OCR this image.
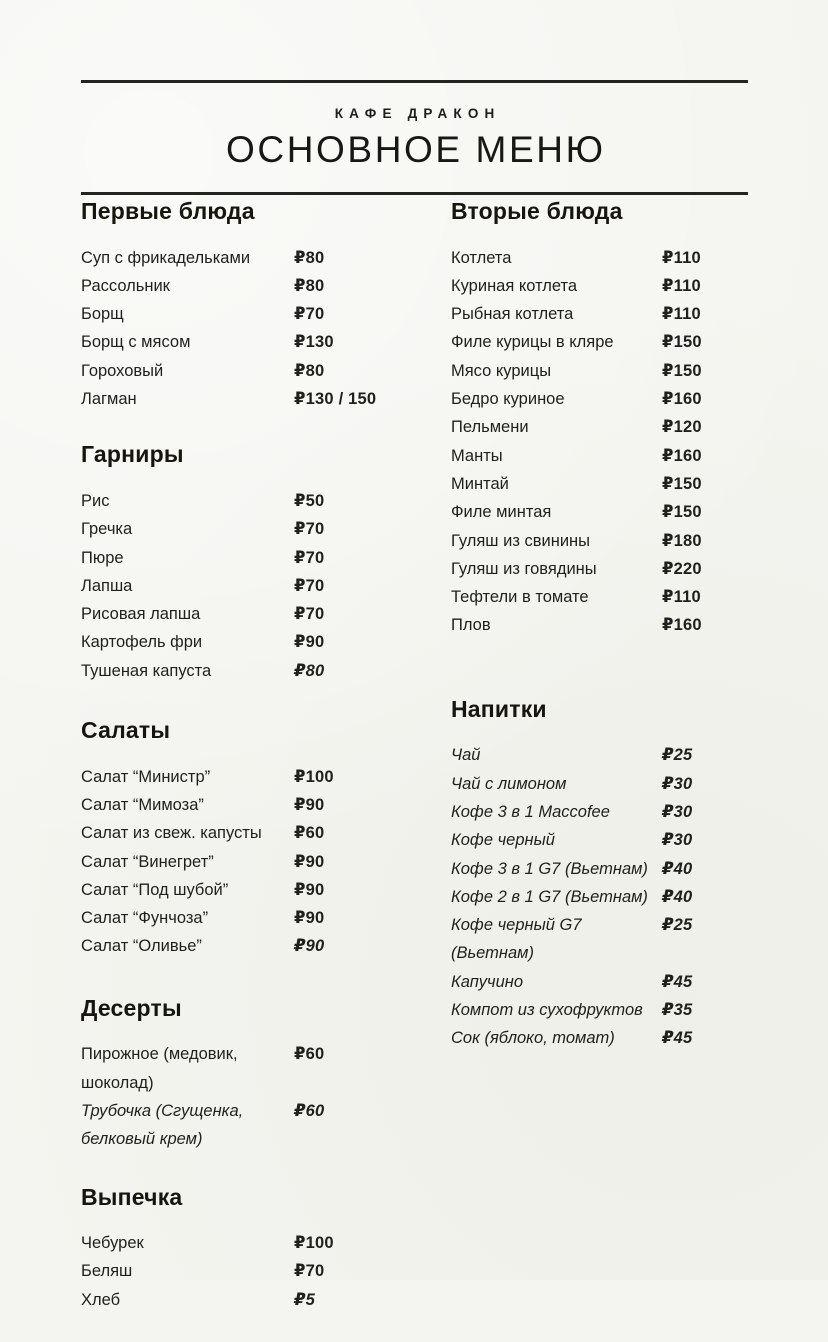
КАФЕ ДРАКОН
ОСНОВНОЕ МЕНЮ
Первые блюда
Суп с фрикадельками	₽80
Рассольник	₽80
Борщ	₽70
Борщ с мясом	₽130
Гороховый	₽80
Лагман	₽130 / 150
Гарниры
Рис	₽50
Гречка	₽70
Пюре	₽70
Лапша	₽70
Рисовая лапша	₽70
Картофель фри	₽90
Тушеная капуста	₽80
Салаты
Салат “Министр”	₽100
Салат “Мимоза”	₽90
Салат из свеж. капусты	₽60
Салат “Винегрет”	₽90
Салат “Под шубой”	₽90
Салат “Фунчоза”	₽90
Салат “Оливье”	₽90
Десерты
Пирожное (медовик, шоколад)
₽60
Трубочка (Сгущенка, белковый крем)
₽60
Выпечка
Чебурек	₽100
Беляш	₽70
Хлеб	₽5
Вторые блюда
Котлета	₽110
Куриная котлета	₽110
Рыбная котлета	₽110
Филе курицы в кляре	₽150
Мясо курицы	₽150
Бедро куриное	₽160
Пельмени	₽120
Манты	₽160
Минтай	₽150
Филе минтая	₽150
Гуляш из свинины	₽180
Гуляш из говядины	₽220
Тефтели в томате	₽110
Плов	₽160
Напитки
Чай	₽25
Чай с лимоном	₽30
Кофе 3 в 1 Maccofee	₽30
Кофе черный	₽30
Кофе 3 в 1 G7 (Вьетнам) ₽40
Кофе 2 в 1 G7 (Вьетнам) ₽40
Кофе черный G7 (Вьетнам)
₽25
Капучино	₽45
Компот из сухофруктов	₽35
Сок (яблоко, томат)	₽45
